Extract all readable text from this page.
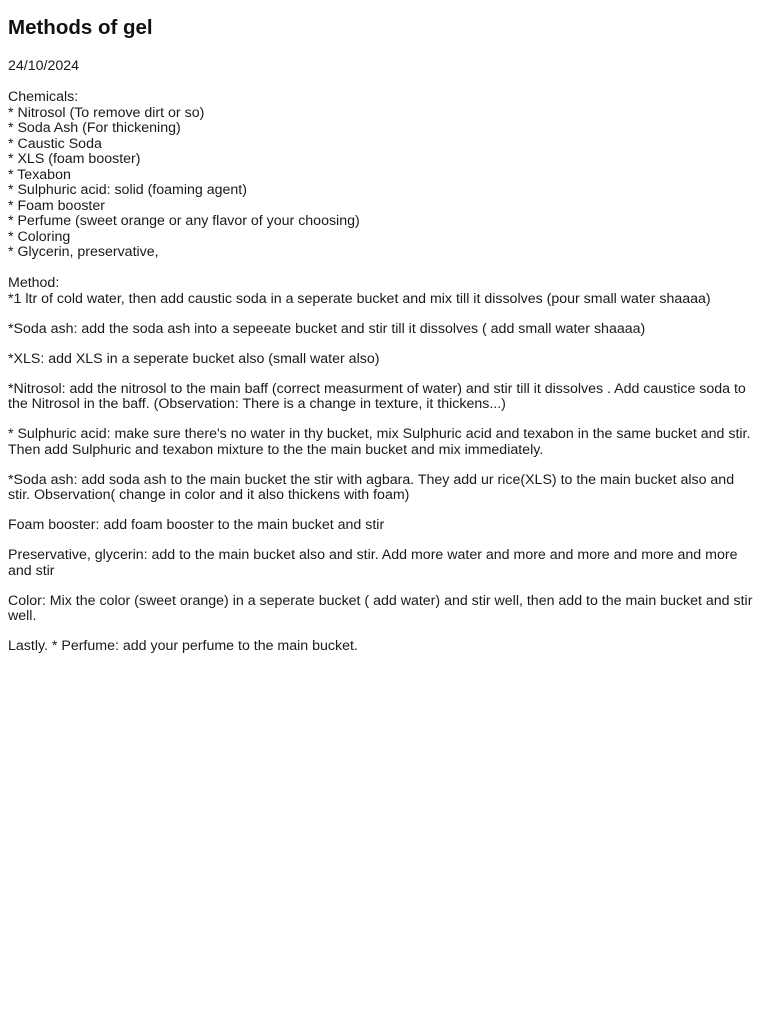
Methods of gel
24/10/2024
Chemicals:
* Nitrosol (To remove dirt or so)
* Soda Ash (For thickening)
* Caustic Soda
* XLS (foam booster)
* Texabon
* Sulphuric acid: solid (foaming agent)
* Foam booster
* Perfume (sweet orange or any flavor of your choosing)
* Coloring
* Glycerin, preservative,
Method:

*1 ltr of cold water, then add caustic soda in a seperate bucket and mix till it dissolves (pour small water shaaaa)

*Soda ash: add the soda ash into a sepeeate bucket and stir till it dissolves ( add small water shaaaa)

*XLS: add XLS in a seperate bucket also (small water also)

*Nitrosol: add the nitrosol to the main baff (correct measurment of water) and stir till it dissolves . Add caustice soda to the Nitrosol in the baff. (Observation: There is a change in texture, it thickens...)

* Sulphuric acid: make sure there's no water in thy bucket, mix Sulphuric acid and texabon in the same bucket and stir. Then add Sulphuric and texabon mixture to the the main bucket and mix immediately.

*Soda ash: add soda ash to the main bucket the stir with agbara. They add ur rice(XLS) to the main bucket also and stir. Observation( change in color and it also thickens with foam)

Foam booster: add foam booster to the main bucket and stir

Preservative, glycerin: add to the main bucket also and stir. Add more water and more and more and more and more and stir

Color: Mix the color (sweet orange) in a seperate bucket ( add water) and stir well, then add to the main bucket and stir well.

Lastly. * Perfume: add your perfume to the main bucket.
